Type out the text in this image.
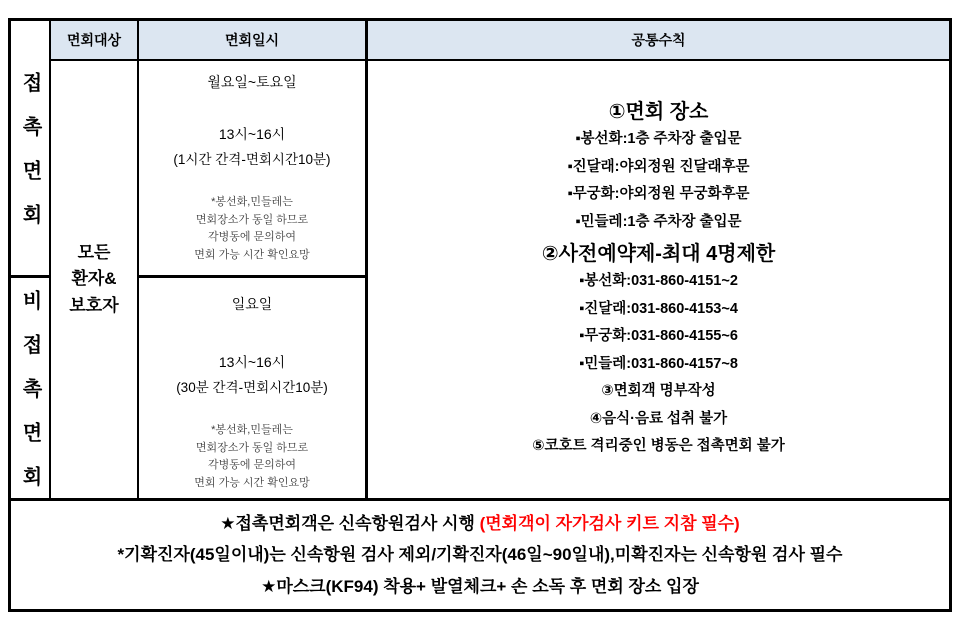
접촉면회
비접촉면회
면회대상	면회일시	공통수칙
모든
환자&
보호자
월요일~토요일
13시~16시
(1시간 간격-면회시간10분)
*봉선화,민들레는
면회장소가 동일 하므로
각병동에 문의하여
면회 가능 시간 확인요망
일요일
13시~16시
(30분 간격-면회시간10분)
*봉선화,민들레는
면회장소가 동일 하므로
각병동에 문의하여
면회 가능 시간 확인요망
①면회 장소
▪봉선화:1층 주차장 출입문
▪진달래:야외정원 진달래후문
▪무궁화:야외정원 무궁화후문
▪민들레:1층 주차장 출입문
②사전예약제-최대 4명제한
▪봉선화:031-860-4151~2
▪진달래:031-860-4153~4
▪무궁화:031-860-4155~6
▪민들레:031-860-4157~8
③면회객 명부작성
④음식·음료 섭취 불가
⑤코호트 격리중인 병동은 접촉면회 불가
★접촉면회객은 신속항원검사 시행 (면회객이 자가검사 키트 지참 필수)
*기확진자(45일이내)는 신속항원 검사 제외/기확진자(46일~90일내),미확진자는 신속항원 검사 필수
★마스크(KF94) 착용+ 발열체크+ 손 소독 후 면회 장소 입장
